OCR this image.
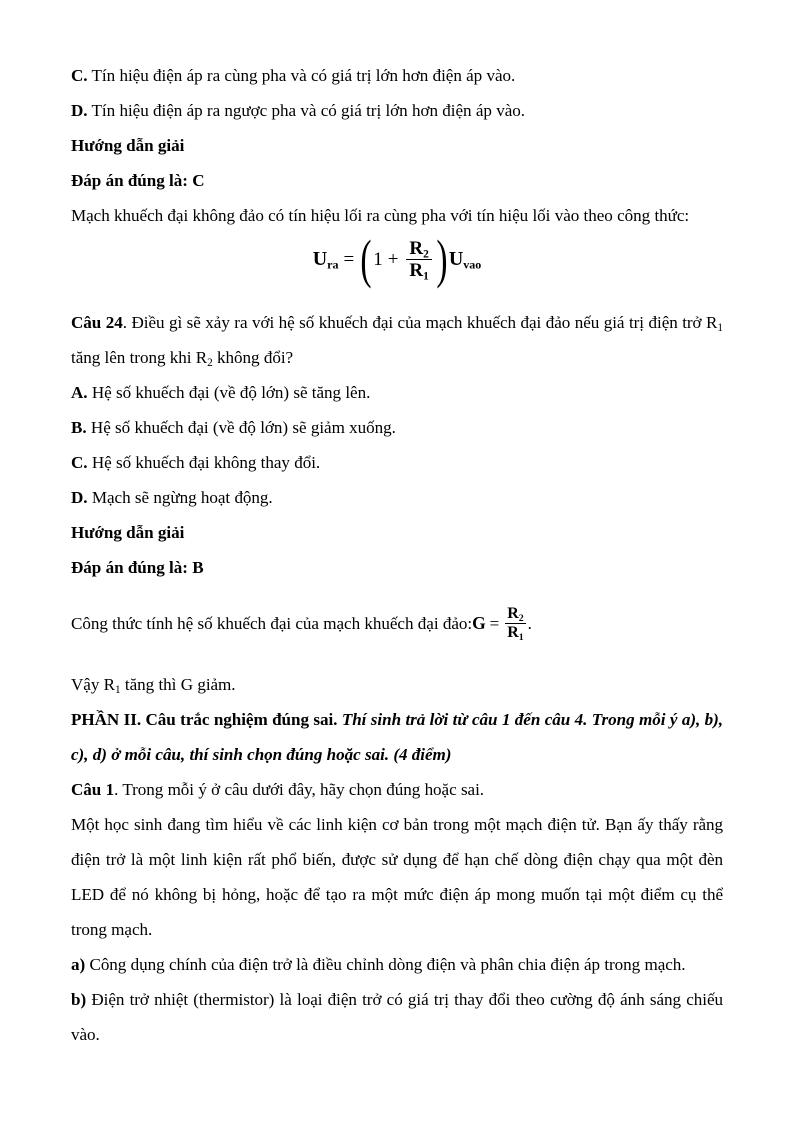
C. Tín hiệu điện áp ra cùng pha và có giá trị lớn hơn điện áp vào.

D. Tín hiệu điện áp ra ngược pha và có giá trị lớn hơn điện áp vào.

Hướng dẫn giải

Đáp án đúng là: C

Mạch khuếch đại không đảo có tín hiệu lối ra cùng pha với tín hiệu lối vào theo công thức:

$U_{ra}$ = ( $1 + \frac{R_2}{R_1}$ ) $U_{vao}$

Câu 24. Điều gì sẽ xảy ra với hệ số khuếch đại của mạch khuếch đại đảo nếu giá trị điện trở $R_1$ tăng lên trong khi $R_2$ không đổi?

A. Hệ số khuếch đại (về độ lớn) sẽ tăng lên.

B. Hệ số khuếch đại (về độ lớn) sẽ giảm xuống.

C. Hệ số khuếch đại không thay đổi.

D. Mạch sẽ ngừng hoạt động.

Hướng dẫn giải

Đáp án đúng là: B

Công thức tính hệ số khuếch đại của mạch khuếch đại đảo: $G = \frac{R_2}{R_1}$ .

Vậy $R_1$ tăng thì G giảm.

PHẦN II. Câu trắc nghiệm đúng sai. Thí sinh trả lời từ câu 1 đến câu 4. Trong mỗi ý a), b), c), d) ở mỗi câu, thí sinh chọn đúng hoặc sai. (4 điểm)

Câu 1. Trong mỗi ý ở câu dưới đây, hãy chọn đúng hoặc sai.

Một học sinh đang tìm hiểu về các linh kiện cơ bản trong một mạch điện tử. Bạn ấy thấy rằng điện trở là một linh kiện rất phổ biến, được sử dụng để hạn chế dòng điện chạy qua một đèn LED để nó không bị hỏng, hoặc để tạo ra một mức điện áp mong muốn tại một điểm cụ thể trong mạch.

a) Công dụng chính của điện trở là điều chỉnh dòng điện và phân chia điện áp trong mạch.

b) Điện trở nhiệt (thermistor) là loại điện trở có giá trị thay đổi theo cường độ ánh sáng chiếu vào.
